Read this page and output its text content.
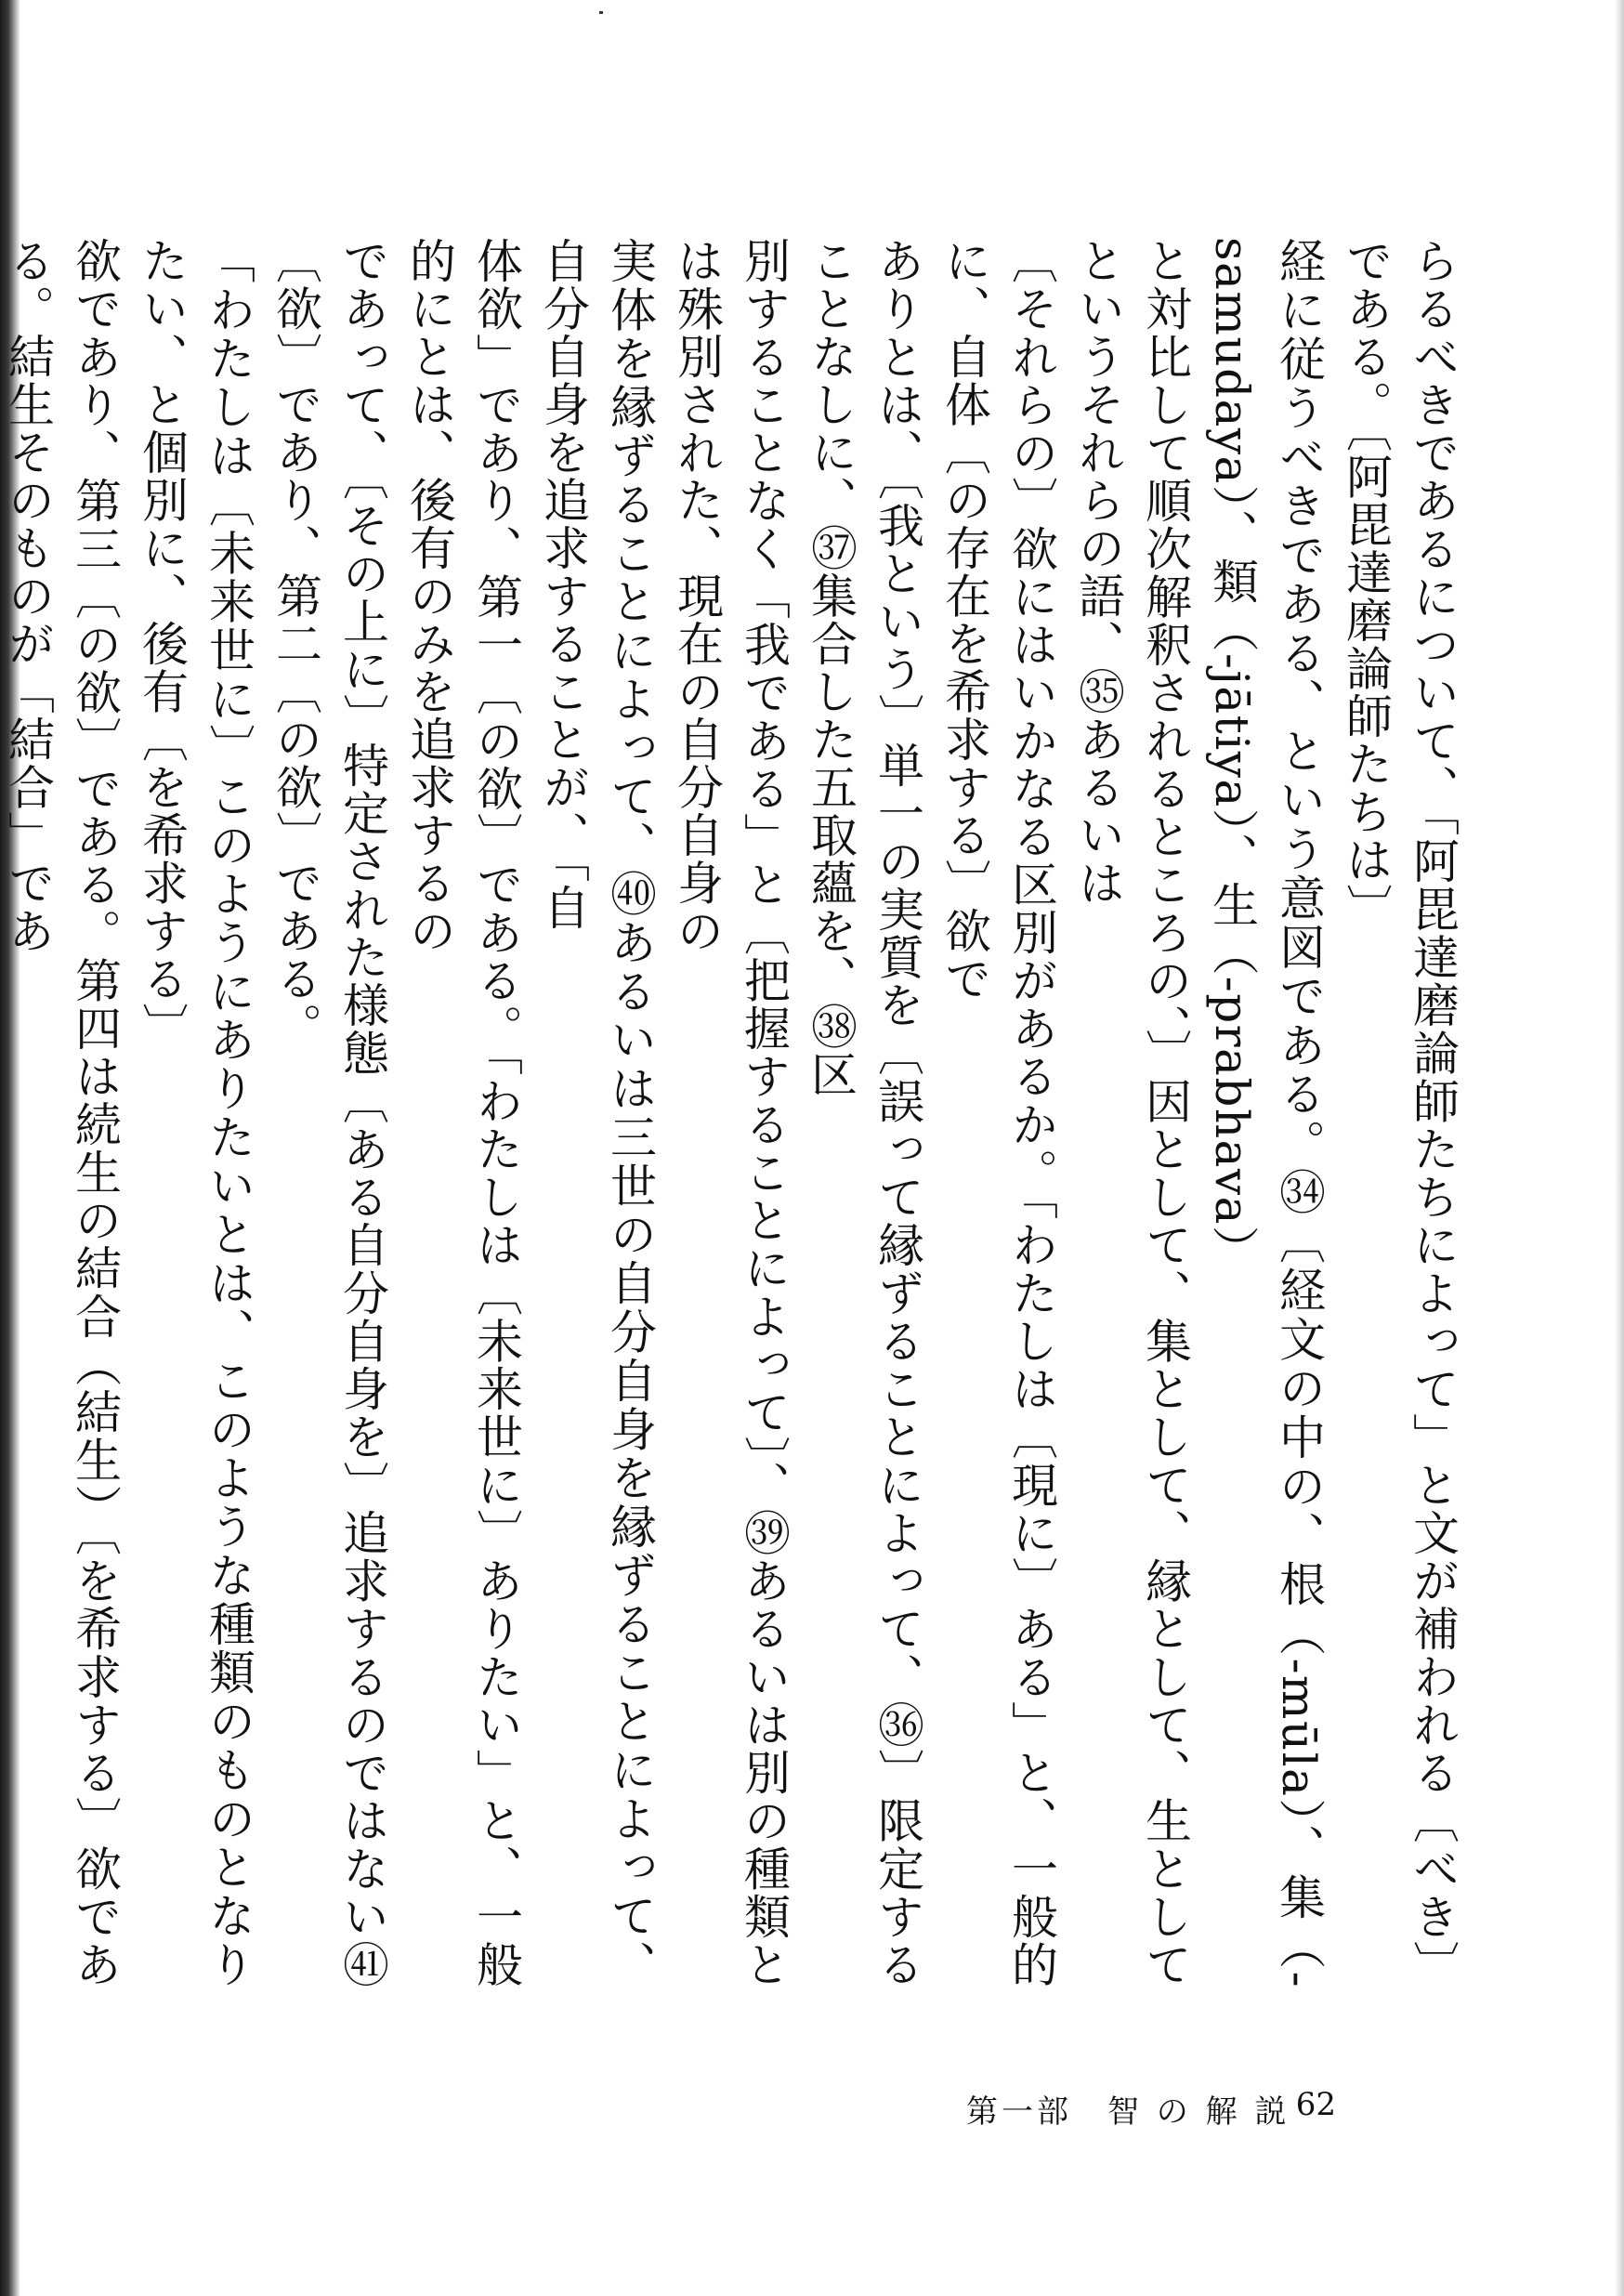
らるべきであるについて、「阿毘達磨論師たちによって」と文が補われる〔べき〕である。〔阿毘達磨論師たちは〕

経に従うべきである、という意図である。㉞〔経文の中の、根（-mūla）、集（-samudaya）、類（-jātiya）、生（-prabhava）

と対比して順次解釈されるところの、〕因として、集として、縁として、生としてというそれらの語、㉟あるいは

〔それらの〕欲にはいかなる区別があるか。「わたしは〔現に〕ある」と、一般的に、自体〔の存在を希求する〕欲で

ありとは、〔我という〕単一の実質を〔誤って縁ずることによって、㊱〕限定することなしに、㊲集合した五取蘊を、㊳区

別することなく「我である」と〔把握することによって〕、㊴あるいは別の種類とは殊別された、現在の自分自身の

実体を縁ずることによって、㊵あるいは三世の自分自身を縁ずることによって、自分自身を追求することが、「自

体欲」であり、第一〔の欲〕である。「わたしは〔未来世に〕ありたい」と、一般的にとは、後有のみを追求するの

であって、〔その上に〕特定された様態〔ある自分自身を〕追求するのではない㊶〔欲〕であり、第二〔の欲〕である。

「わたしは〔未来世に〕このようにありたいとは、このような種類のものとなりたい、と個別に、後有〔を希求する〕

欲であり、第三〔の欲〕である。第四は続生の結合（結生）〔を希求する〕欲である。結生そのものが「結合」であ

第一部　智 の 解 説 62
